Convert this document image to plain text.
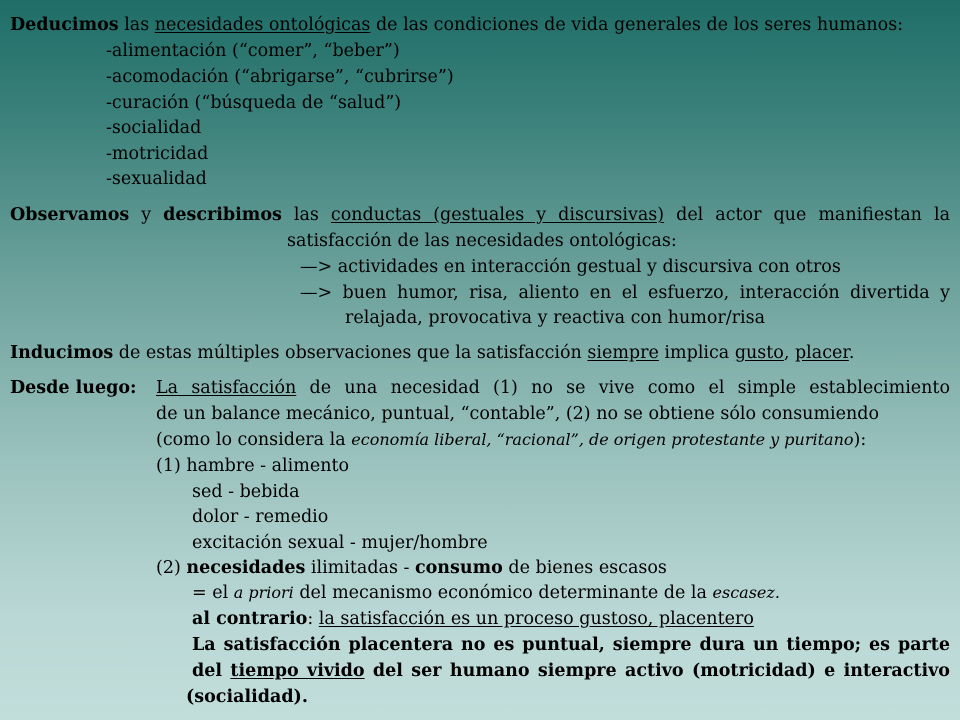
Deducimos las necesidades ontológicas de las condiciones de vida generales de los seres humanos:
-alimentación (“comer”, “beber”)
-acomodación (“abrigarse”, “cubrirse”)
-curación (“búsqueda de “salud”)
-socialidad
-motricidad
-sexualidad
Observamos y describimos las conductas (gestuales y discursivas) del actor que manifiestan la
satisfacción de las necesidades ontológicas:
—> actividades en interacción gestual y discursiva con otros
—> buen humor, risa, aliento en el esfuerzo, interacción divertida y
relajada, provocativa y reactiva con humor/risa
Inducimos de estas múltiples observaciones que la satisfacción siempre implica gusto, placer.
Desde luego: La satisfacción de una necesidad (1) no se vive como el simple establecimiento
de un balance mecánico, puntual, “contable”, (2) no se obtiene sólo consumiendo
(como lo considera la economía liberal, “racional”, de origen protestante y puritano):
(1) hambre - alimento
sed - bebida
dolor - remedio
excitación sexual - mujer/hombre
(2) necesidades ilimitadas - consumo de bienes escasos
= el a priori del mecanismo económico determinante de la escasez.
al contrario: la satisfacción es un proceso gustoso, placentero
La satisfacción placentera no es puntual, siempre dura un tiempo; es parte
del tiempo vivido del ser humano siempre activo (motricidad) e interactivo
(socialidad).
